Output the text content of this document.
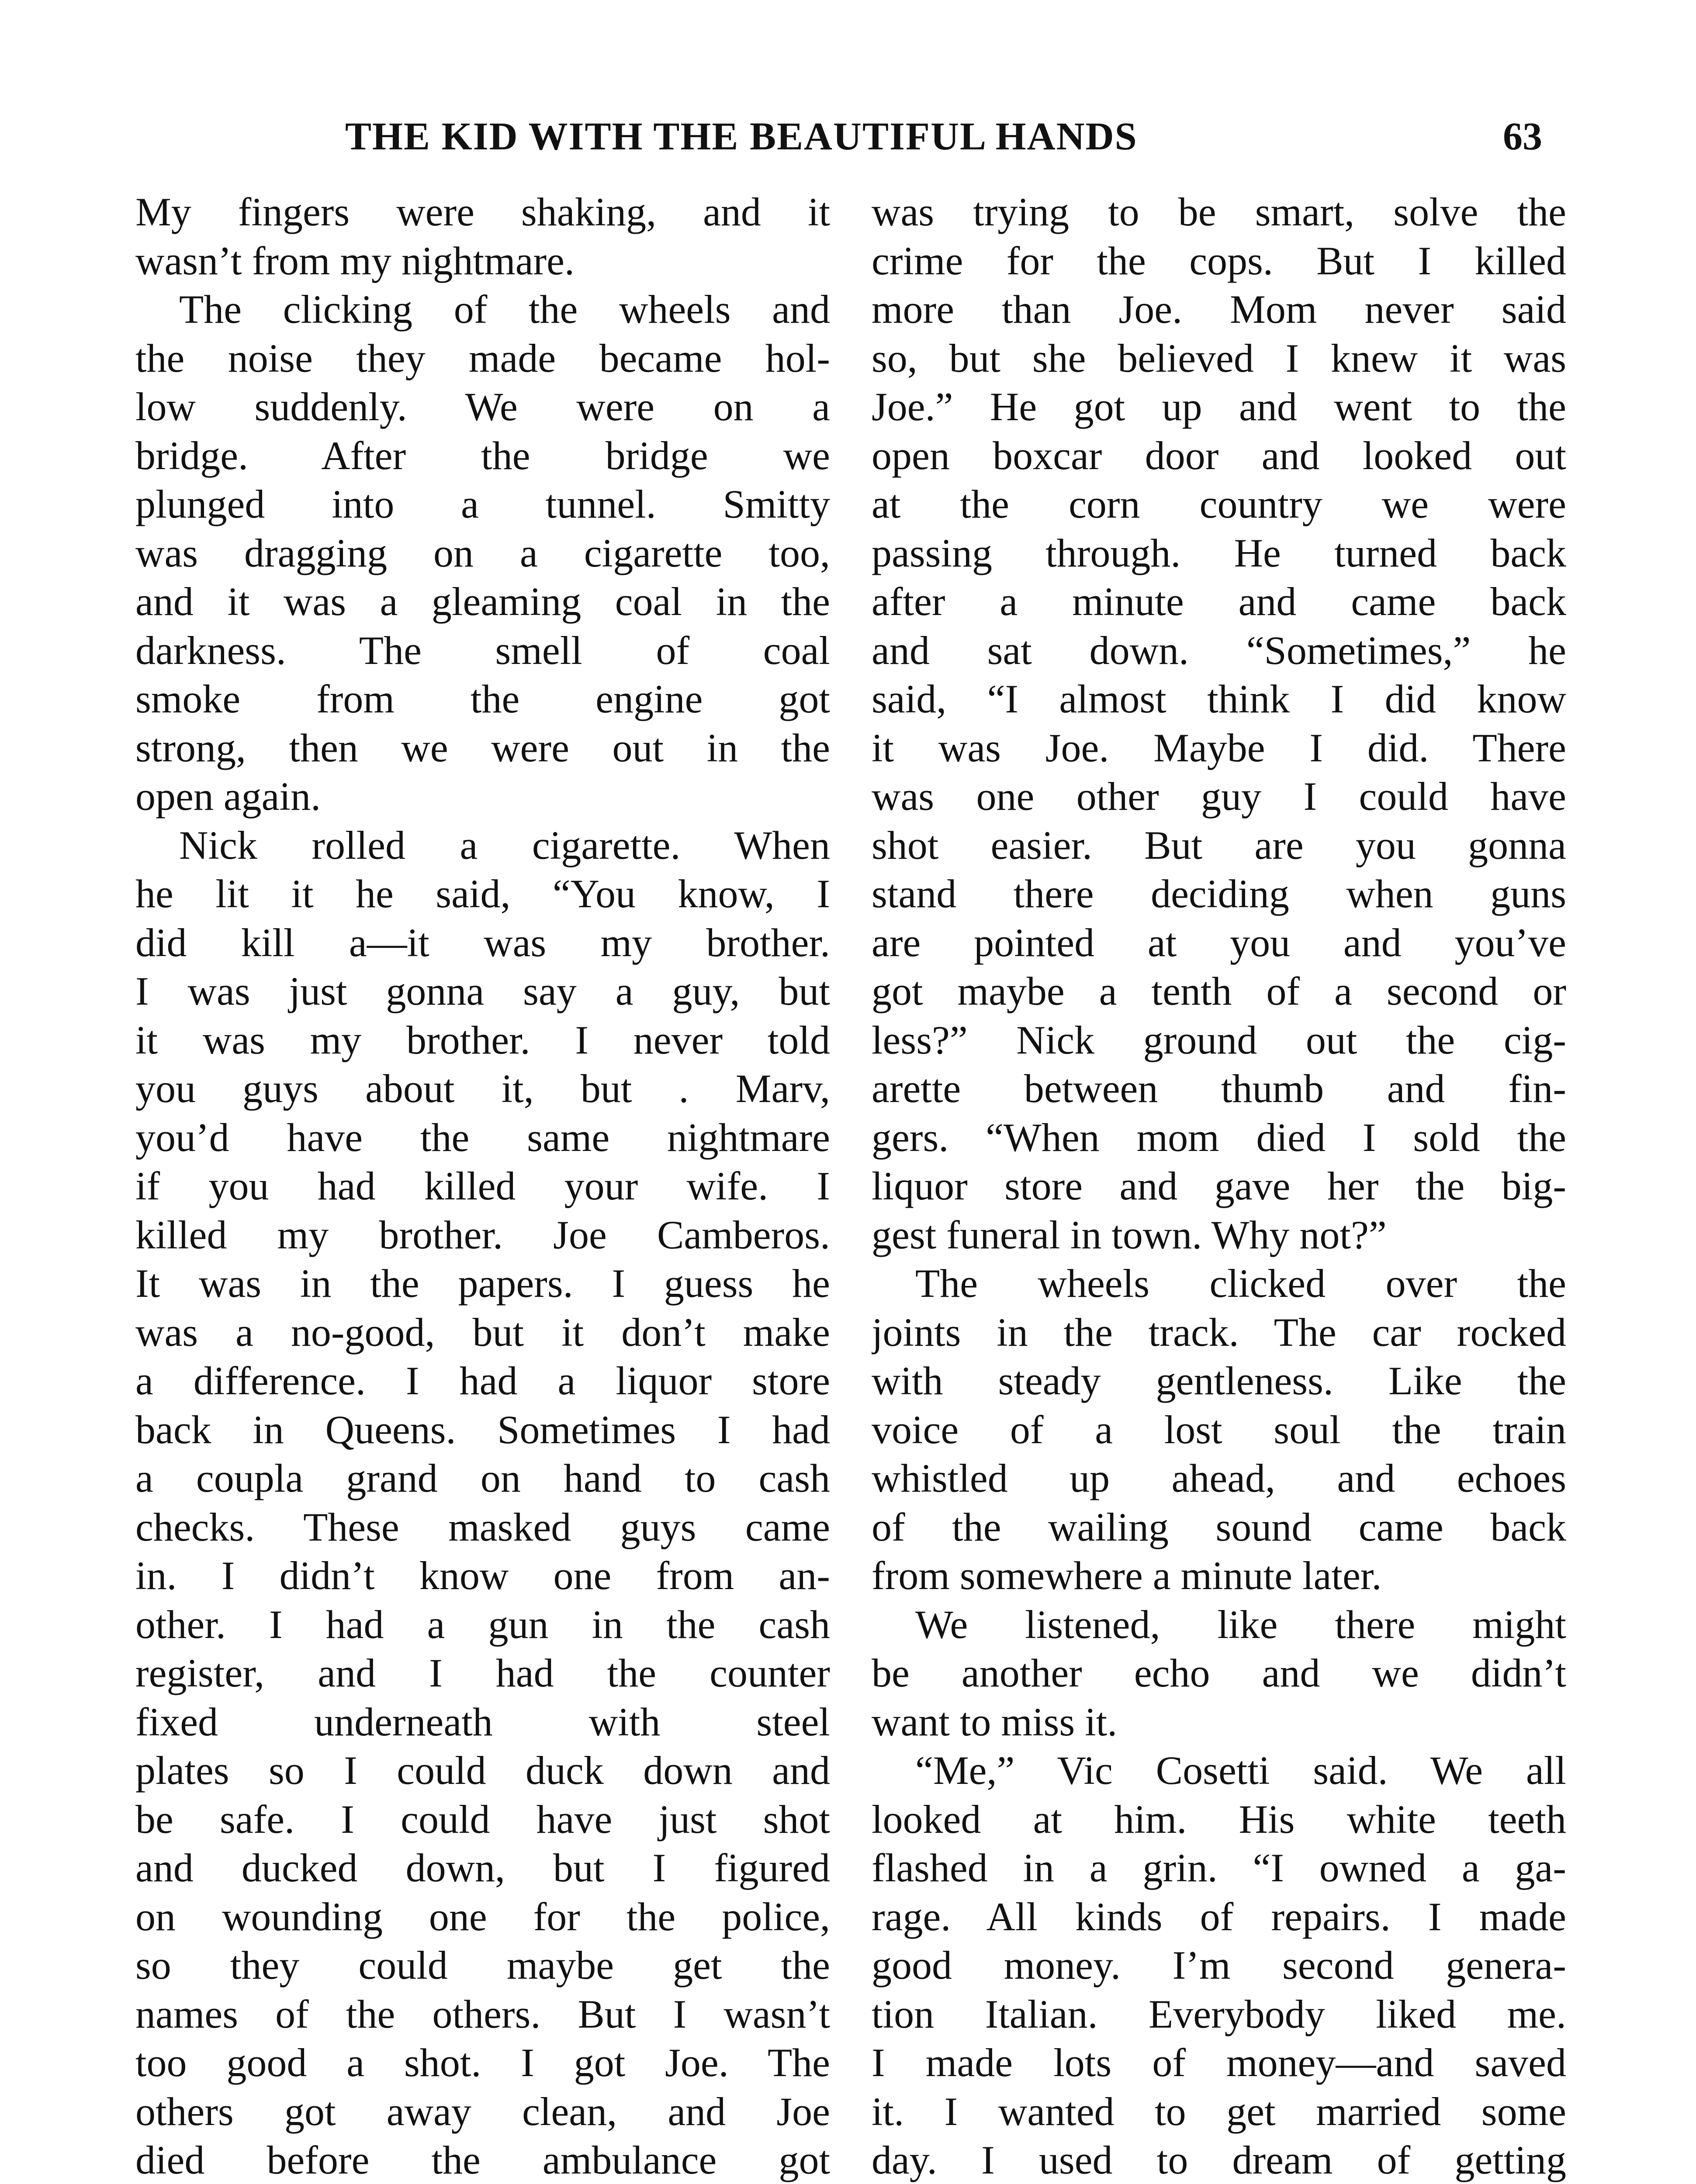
THE KID WITH THE BEAUTIFUL HANDS	63
My fingers were shaking, and it
wasn’t from my nightmare.
The clicking of the wheels and
the noise they made became hol-
low suddenly. We were on a
bridge. After the bridge we
plunged into a tunnel. Smitty
was dragging on a cigarette too,
and it was a gleaming coal in the
darkness. The smell of coal
smoke from the engine got
strong, then we were out in the
open again.
Nick rolled a cigarette. When
he lit it he said, “You know, I
did kill a—it was my brother.
I was just gonna say a guy, but
it was my brother. I never told
you guys about it, but . Marv,
you’d have the same nightmare
if you had killed your wife. I
killed my brother. Joe Camberos.
It was in the papers. I guess he
was a no-good, but it don’t make
a difference. I had a liquor store
back in Queens. Sometimes I had
a coupla grand on hand to cash
checks. These masked guys came
in. I didn’t know one from an-
other. I had a gun in the cash
register, and I had the counter
fixed underneath with steel
plates so I could duck down and
be safe. I could have just shot
and ducked down, but I figured
on wounding one for the police,
so they could maybe get the
names of the others. But I wasn’t
too good a shot. I got Joe. The
others got away clean, and Joe
died before the ambulance got
was trying to be smart, solve the
crime for the cops. But I killed
more than Joe. Mom never said
so, but she believed I knew it was
Joe.” He got up and went to the
open boxcar door and looked out
at the corn country we were
passing through. He turned back
after a minute and came back
and sat down. “Sometimes,” he
said, “I almost think I did know
it was Joe. Maybe I did. There
was one other guy I could have
shot easier. But are you gonna
stand there deciding when guns
are pointed at you and you’ve
got maybe a tenth of a second or
less?” Nick ground out the cig-
arette between thumb and fin-
gers. “When mom died I sold the
liquor store and gave her the big-
gest funeral in town. Why not?”
The wheels clicked over the
joints in the track. The car rocked
with steady gentleness. Like the
voice of a lost soul the train
whistled up ahead, and echoes
of the wailing sound came back
from somewhere a minute later.
We listened, like there might
be another echo and we didn’t
want to miss it.
“Me,” Vic Cosetti said. We all
looked at him. His white teeth
flashed in a grin. “I owned a ga-
rage. All kinds of repairs. I made
good money. I’m second genera-
tion Italian. Everybody liked me.
I made lots of money—and saved
it. I wanted to get married some
day. I used to dream of getting
